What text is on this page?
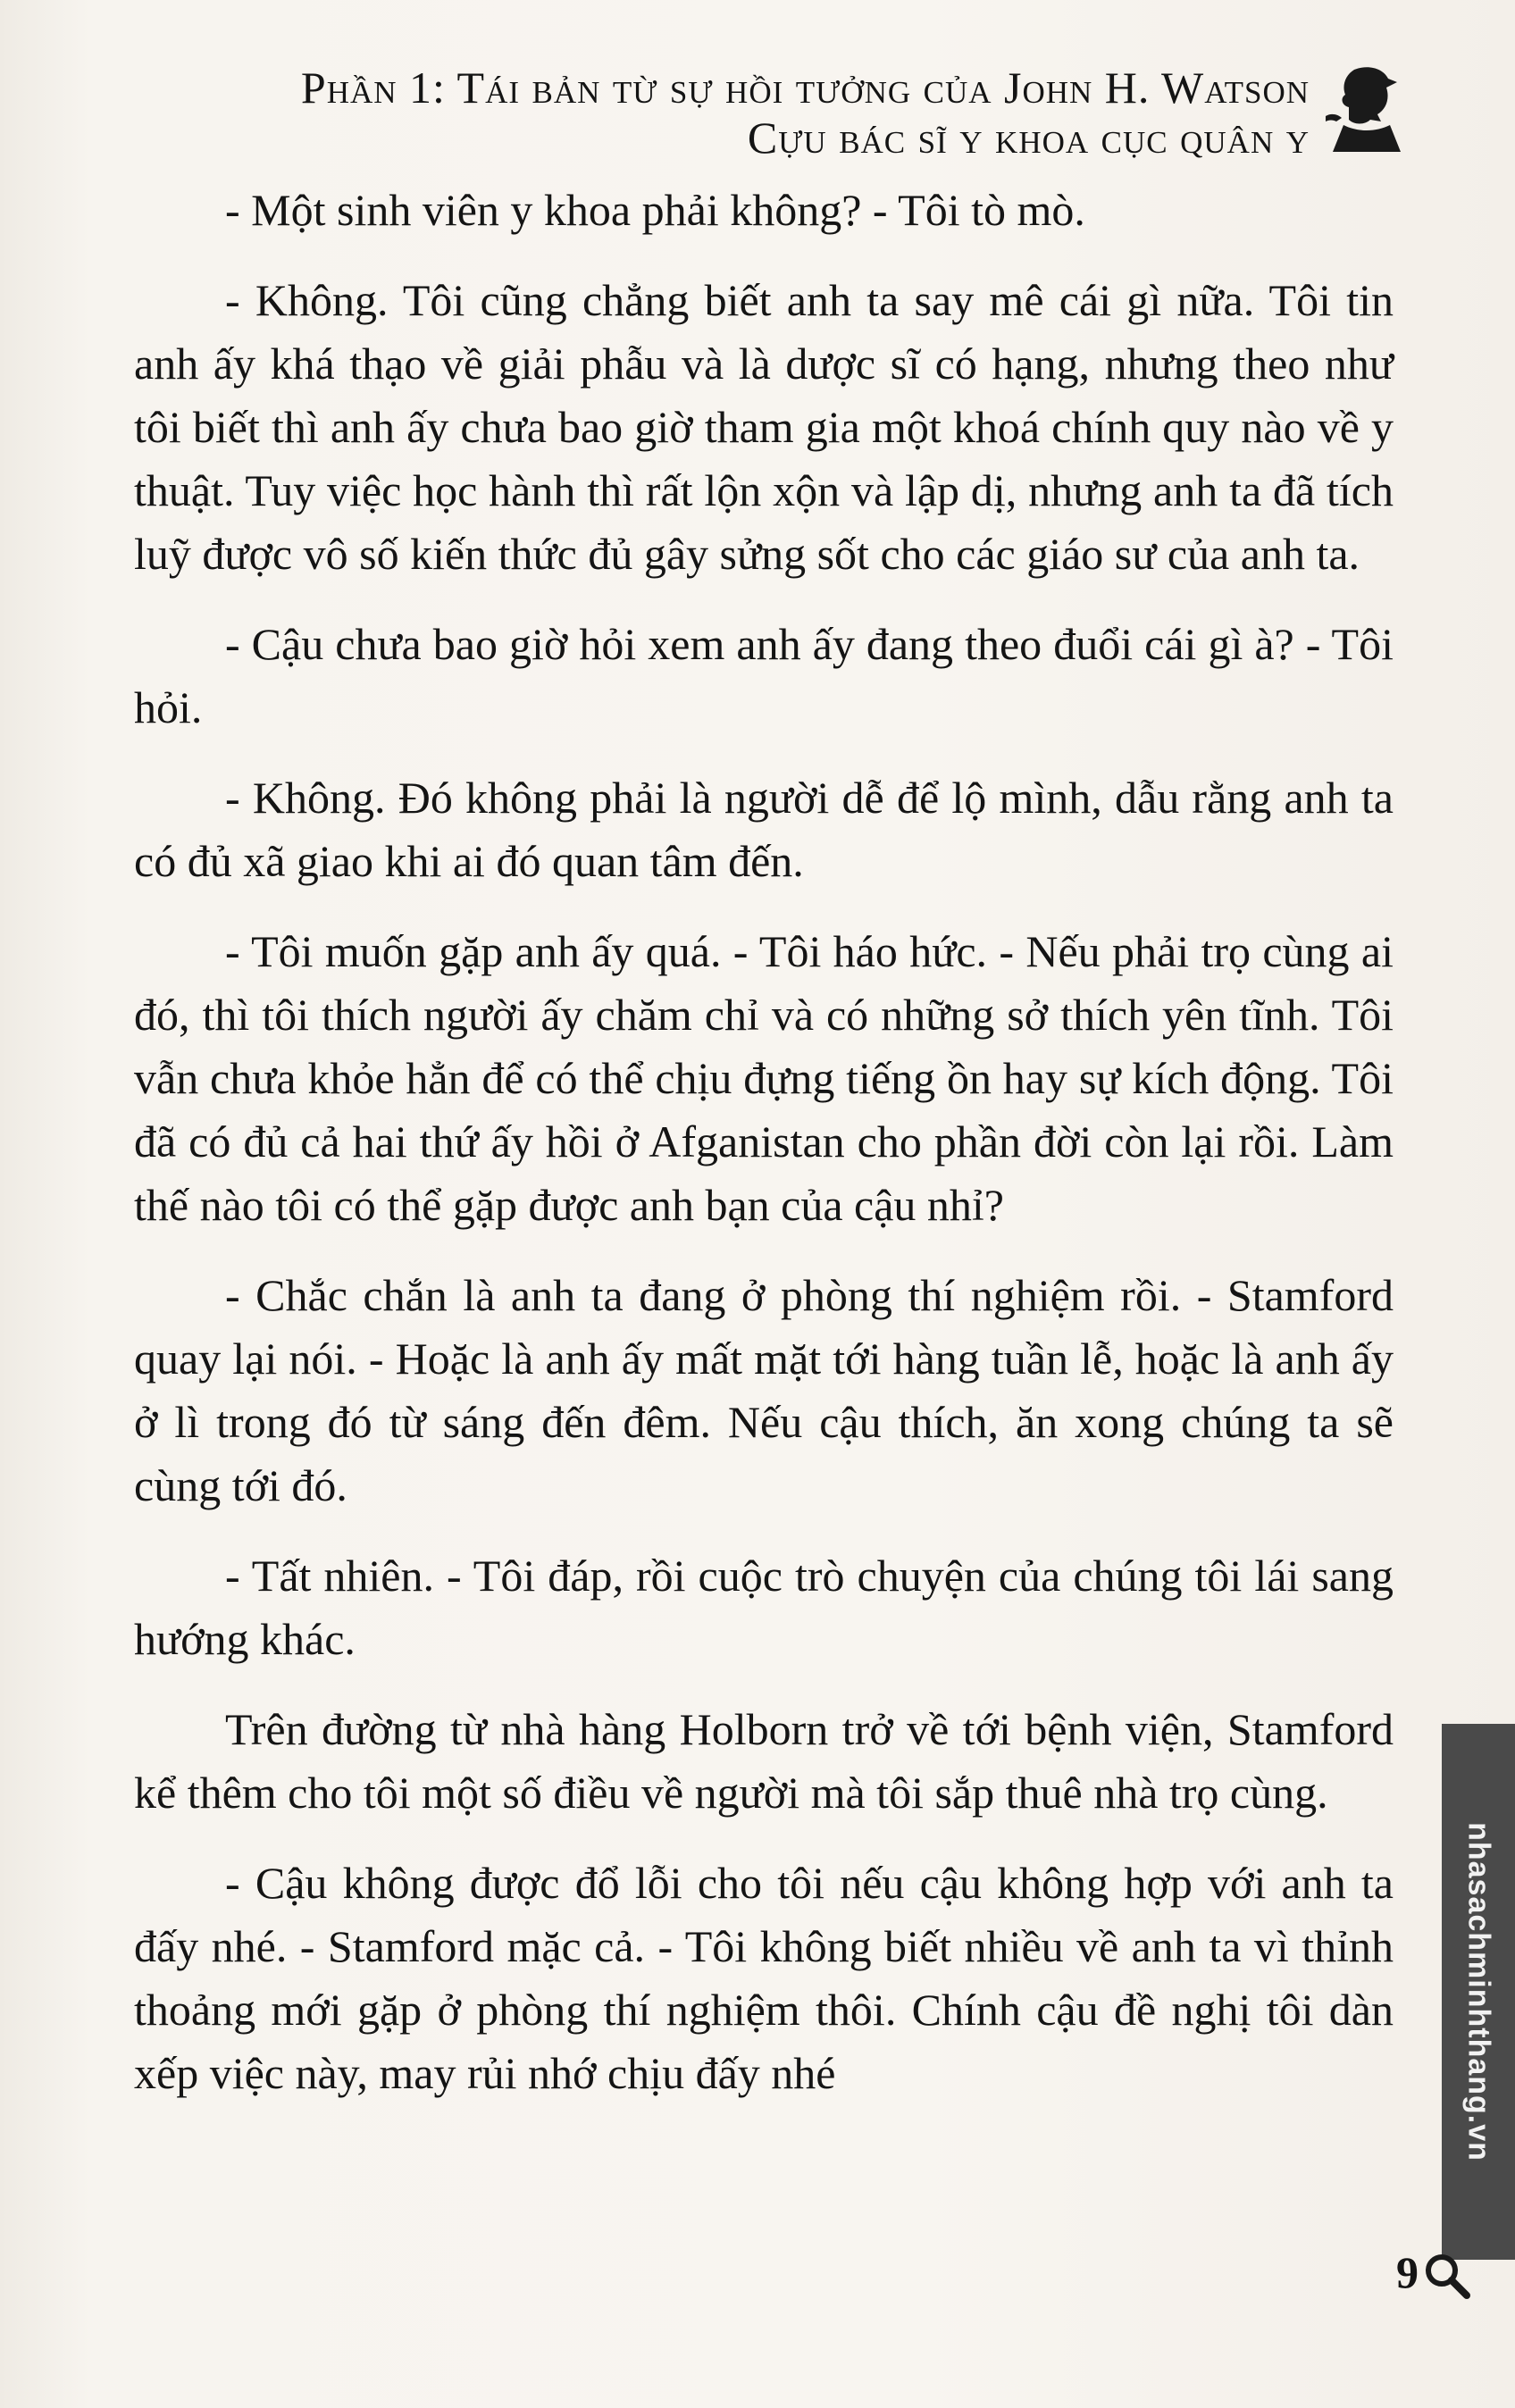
Phần 1: Tái bản từ sự hồi tưởng của John H. Watson
Cựu bác sĩ y khoa cục quân y

- Một sinh viên y khoa phải không? - Tôi tò mò.

- Không. Tôi cũng chẳng biết anh ta say mê cái gì nữa. Tôi tin anh ấy khá thạo về giải phẫu và là dược sĩ có hạng, nhưng theo như tôi biết thì anh ấy chưa bao giờ tham gia một khoá chính quy nào về y thuật. Tuy việc học hành thì rất lộn xộn và lập dị, nhưng anh ta đã tích luỹ được vô số kiến thức đủ gây sửng sốt cho các giáo sư của anh ta.

- Cậu chưa bao giờ hỏi xem anh ấy đang theo đuổi cái gì à? - Tôi hỏi.

- Không. Đó không phải là người dễ để lộ mình, dẫu rằng anh ta có đủ xã giao khi ai đó quan tâm đến.

- Tôi muốn gặp anh ấy quá. - Tôi háo hức. - Nếu phải trọ cùng ai đó, thì tôi thích người ấy chăm chỉ và có những sở thích yên tĩnh. Tôi vẫn chưa khỏe hẳn để có thể chịu đựng tiếng ồn hay sự kích động. Tôi đã có đủ cả hai thứ ấy hồi ở Afganistan cho phần đời còn lại rồi. Làm thế nào tôi có thể gặp được anh bạn của cậu nhỉ?

- Chắc chắn là anh ta đang ở phòng thí nghiệm rồi. - Stamford quay lại nói. - Hoặc là anh ấy mất mặt tới hàng tuần lễ, hoặc là anh ấy ở lì trong đó từ sáng đến đêm. Nếu cậu thích, ăn xong chúng ta sẽ cùng tới đó.

- Tất nhiên. - Tôi đáp, rồi cuộc trò chuyện của chúng tôi lái sang hướng khác.

Trên đường từ nhà hàng Holborn trở về tới bệnh viện, Stamford kể thêm cho tôi một số điều về người mà tôi sắp thuê nhà trọ cùng.

- Cậu không được đổ lỗi cho tôi nếu cậu không hợp với anh ta đấy nhé. - Stamford mặc cả. - Tôi không biết nhiều về anh ta vì thỉnh thoảng mới gặp ở phòng thí nghiệm thôi. Chính cậu đề nghị tôi dàn xếp việc này, may rủi nhớ chịu đấy nhé	nhasachminhthang.vn
9
